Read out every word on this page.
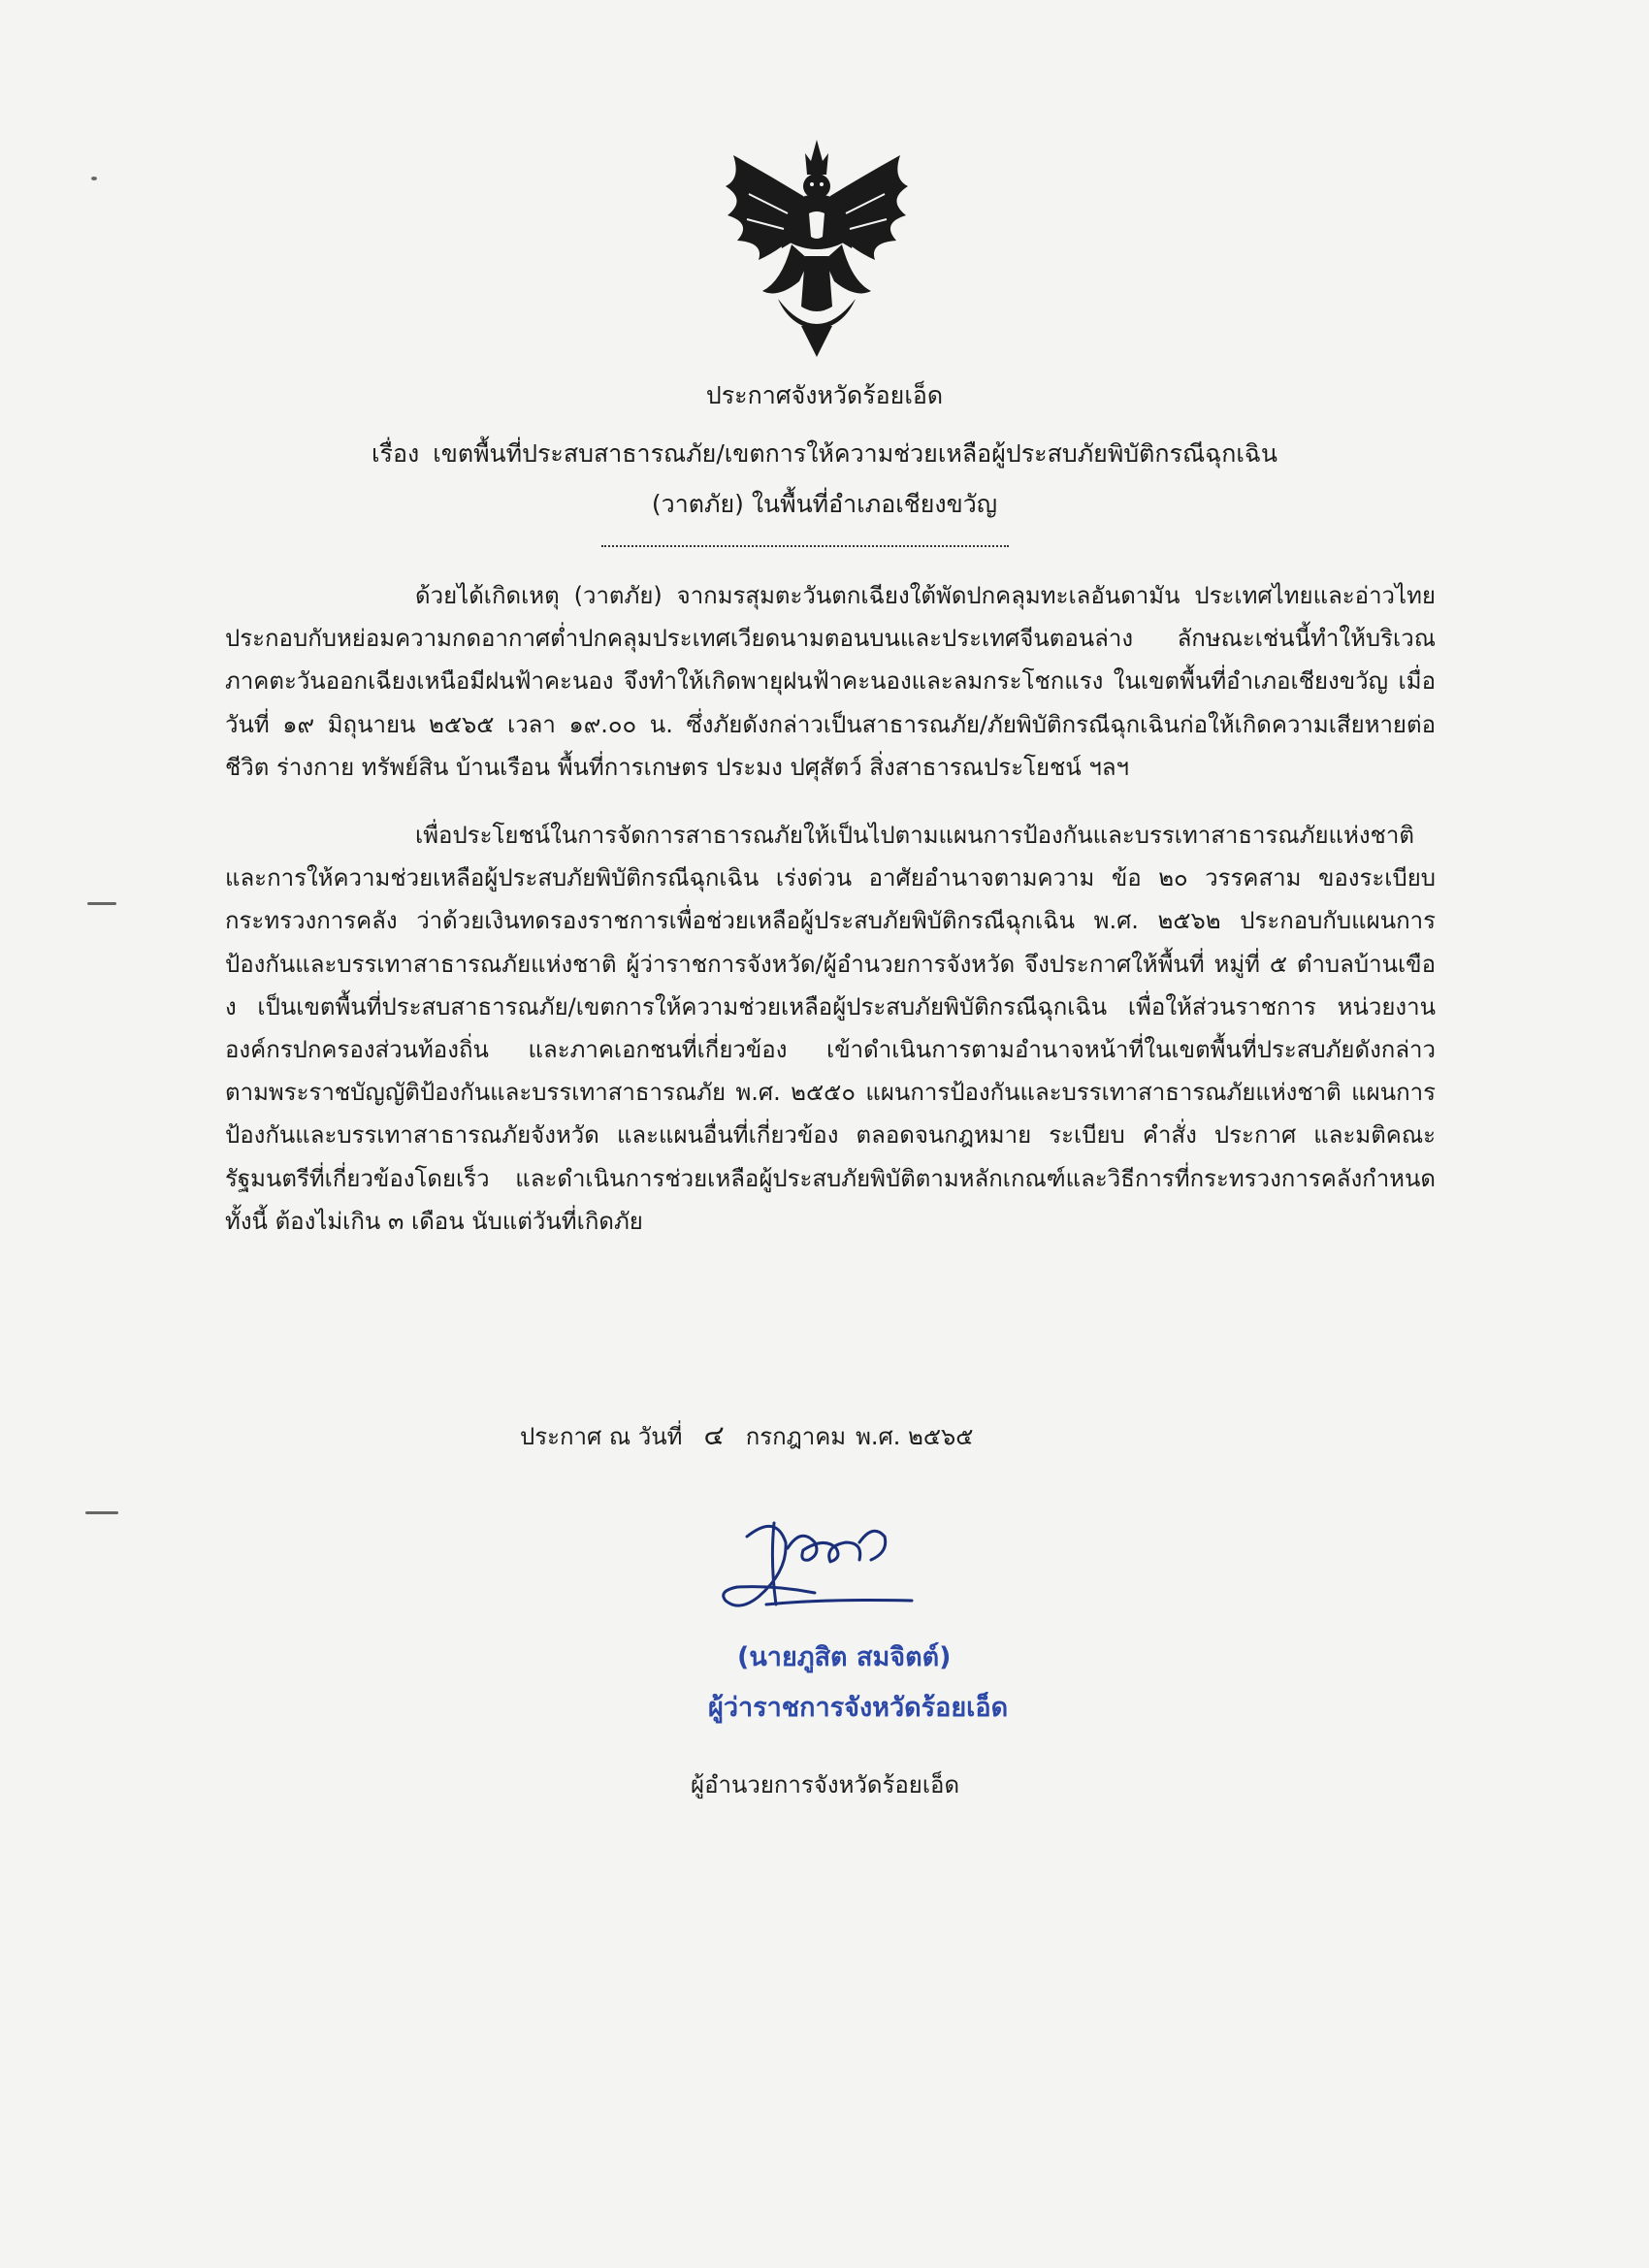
ประกาศจังหวัดร้อยเอ็ด
เรื่อง เขตพื้นที่ประสบสาธารณภัย/เขตการให้ความช่วยเหลือผู้ประสบภัยพิบัติกรณีฉุกเฉิน
(วาตภัย) ในพื้นที่อำเภอเชียงขวัญ

ด้วยได้เกิดเหตุ (วาตภัย) จากมรสุมตะวันตกเฉียงใต้พัดปกคลุมทะเลอันดามัน ประเทศไทยและอ่าวไทย ประกอบกับหย่อมความกดอากาศต่ำปกคลุมประเทศเวียดนามตอนบนและประเทศจีนตอนล่าง ลักษณะเช่นนี้ทำให้บริเวณภาคตะวันออกเฉียงเหนือมีฝนฟ้าคะนอง จึงทำให้เกิดพายุฝนฟ้าคะนองและลมกระโชกแรง ในเขตพื้นที่อำเภอเชียงขวัญ เมื่อวันที่ ๑๙ มิถุนายน ๒๕๖๕ เวลา ๑๙.๐๐ น. ซึ่งภัยดังกล่าวเป็นสาธารณภัย/ภัยพิบัติกรณีฉุกเฉินก่อให้เกิดความเสียหายต่อชีวิต ร่างกาย ทรัพย์สิน บ้านเรือน พื้นที่การเกษตร ประมง ปศุสัตว์ สิ่งสาธารณประโยชน์ ฯลฯ

เพื่อประโยชน์ในการจัดการสาธารณภัยให้เป็นไปตามแผนการป้องกันและบรรเทาสาธารณภัยแห่งชาติ และการให้ความช่วยเหลือผู้ประสบภัยพิบัติกรณีฉุกเฉิน เร่งด่วน อาศัยอำนาจตามความ ข้อ ๒๐ วรรคสาม ของระเบียบกระทรวงการคลัง ว่าด้วยเงินทดรองราชการเพื่อช่วยเหลือผู้ประสบภัยพิบัติกรณีฉุกเฉิน พ.ศ. ๒๕๖๒ ประกอบกับแผนการป้องกันและบรรเทาสาธารณภัยแห่งชาติ ผู้ว่าราชการจังหวัด/ผู้อำนวยการจังหวัด จึงประกาศให้พื้นที่ หมู่ที่ ๕ ตำบลบ้านเขือง เป็นเขตพื้นที่ประสบสาธารณภัย/เขตการให้ความช่วยเหลือผู้ประสบภัยพิบัติกรณีฉุกเฉิน เพื่อให้ส่วนราชการ หน่วยงาน องค์กรปกครองส่วนท้องถิ่น และภาคเอกชนที่เกี่ยวข้อง เข้าดำเนินการตามอำนาจหน้าที่ในเขตพื้นที่ประสบภัยดังกล่าว ตามพระราชบัญญัติป้องกันและบรรเทาสาธารณภัย พ.ศ. ๒๕๕๐ แผนการป้องกันและบรรเทาสาธารณภัยแห่งชาติ แผนการป้องกันและบรรเทาสาธารณภัยจังหวัด และแผนอื่นที่เกี่ยวข้อง ตลอดจนกฎหมาย ระเบียบ คำสั่ง ประกาศ และมติคณะรัฐมนตรีที่เกี่ยวข้องโดยเร็ว และดำเนินการช่วยเหลือผู้ประสบภัยพิบัติตามหลักเกณฑ์และวิธีการที่กระทรวงการคลังกำหนด ทั้งนี้ ต้องไม่เกิน ๓ เดือน นับแต่วันที่เกิดภัย

ประกาศ ณ วันที่ ๔ กรกฎาคม พ.ศ. ๒๕๖๕
(นายภูสิต สมจิตต์)
ผู้ว่าราชการจังหวัดร้อยเอ็ด
ผู้อำนวยการจังหวัดร้อยเอ็ด
